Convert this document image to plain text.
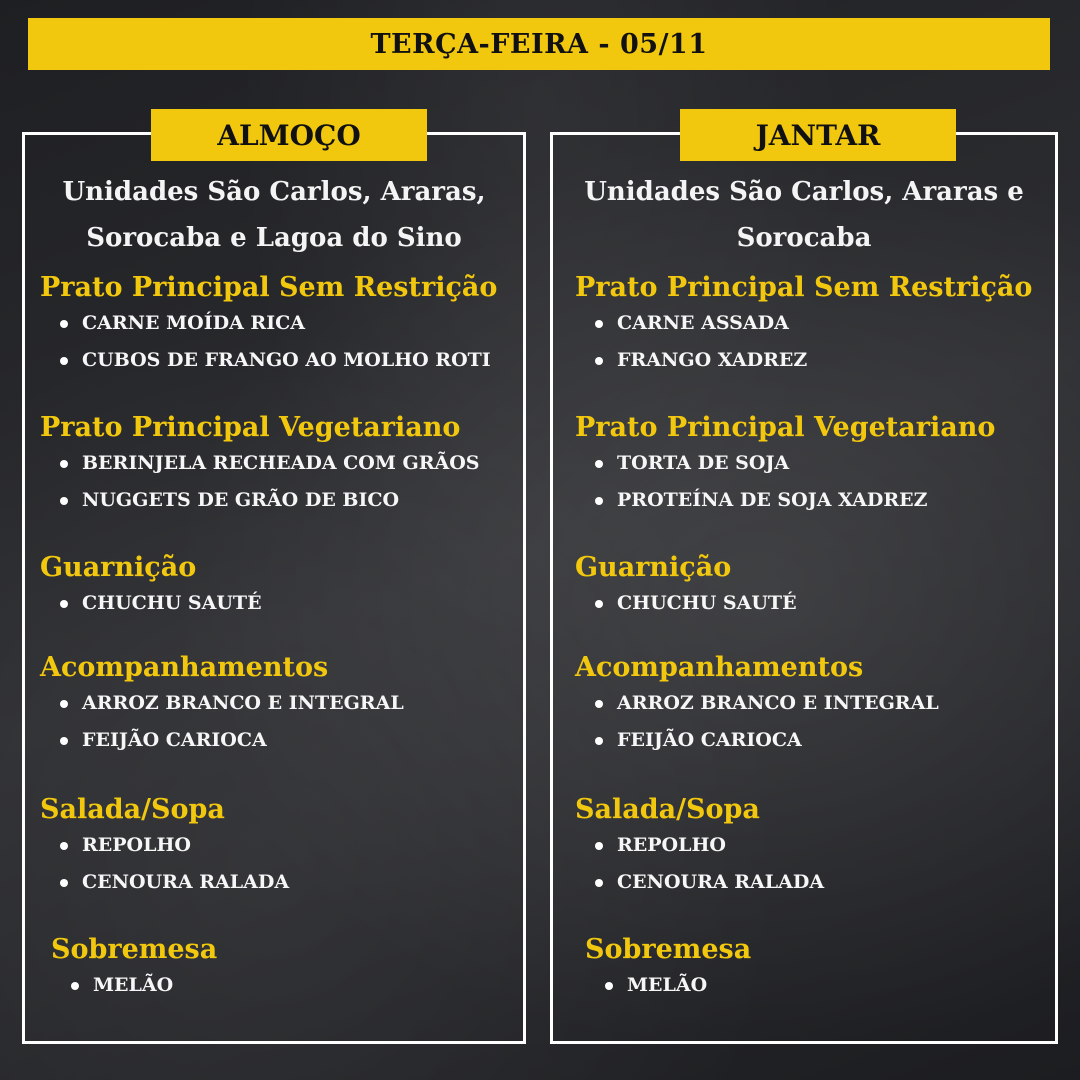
TERÇA-FEIRA - 05/11
ALMOÇO
Unidades São Carlos, Araras,
Sorocaba e Lagoa do Sino
Prato Principal Sem Restrição
CARNE MOÍDA RICA
CUBOS DE FRANGO AO MOLHO ROTI
Prato Principal Vegetariano
BERINJELA RECHEADA COM GRÃOS
NUGGETS DE GRÃO DE BICO
Guarnição
CHUCHU SAUTÉ
Acompanhamentos
ARROZ BRANCO E INTEGRAL
FEIJÃO CARIOCA
Salada/Sopa
REPOLHO
CENOURA RALADA
Sobremesa
MELÃO
JANTAR
Unidades São Carlos, Araras e
Sorocaba
Prato Principal Sem Restrição
CARNE ASSADA
FRANGO XADREZ
Prato Principal Vegetariano
TORTA DE SOJA
PROTEÍNA DE SOJA XADREZ
Guarnição
CHUCHU SAUTÉ
Acompanhamentos
ARROZ BRANCO E INTEGRAL
FEIJÃO CARIOCA
Salada/Sopa
REPOLHO
CENOURA RALADA
Sobremesa
MELÃO
